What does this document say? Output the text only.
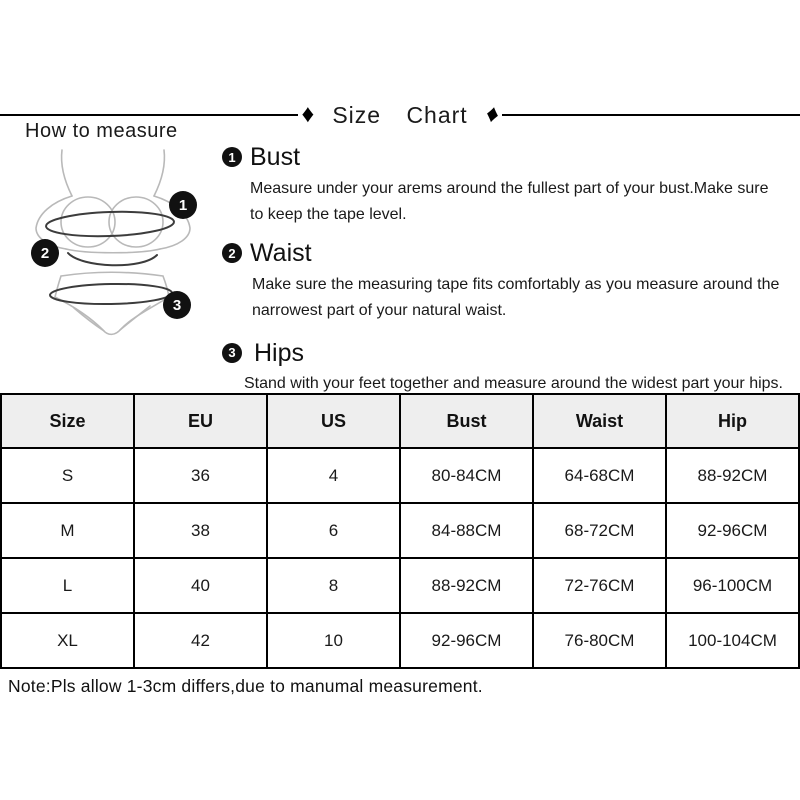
♦ Size Chart ♦
How to measure
1
2
3
1 Bust
Measure under your arems around the fullest part of your bust.Make sure
to keep the tape level.
2 Waist
Make sure the measuring tape fits comfortably as you measure around the
narrowest part of your natural waist.
3 Hips
Stand with your feet together and measure around the widest part your hips.
Size	EU	US	Bust	Waist	Hip
S	36	4	80-84CM	64-68CM	88-92CM
M	38	6	84-88CM	68-72CM	92-96CM
L	40	8	88-92CM	72-76CM	96-100CM
XL	42	10	92-96CM	76-80CM	100-104CM
Note:Pls allow 1-3cm differs,due to manumal measurement.
